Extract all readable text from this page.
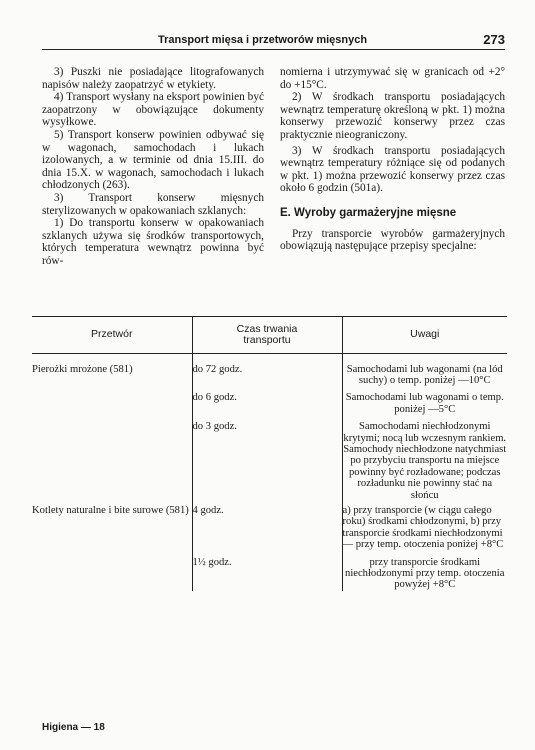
Transport mięsa i przetworów mięsnych	273

3) Puszki nie posiadające litografowanych napisów należy zaopatrzyć w etykiety.

4) Transport wysłany na eksport powinien być zaopatrzony w obowiązujące dokumenty wysyłkowe.

5) Transport konserw powinien odbywać się w wagonach, samochodach i lukach izolowanych, a w terminie od dnia 15.III. do dnia 15.X. w wagonach, samochodach i lukach chłodzonych (263).

3) Transport konserw mięsnych sterylizowanych w opakowaniach szklanych:

1) Do transportu konserw w opakowaniach szklanych używa się środków transportowych, których temperatura wewnątrz powinna być rów-

nomierna i utrzymywać się w granicach od +2° do +15°C.

2) W środkach transportu posiadających wewnątrz temperaturę określoną w pkt. 1) można konserwy przewozić konserwy przez czas praktycznie nieograniczony.

3) W środkach transportu posiadających wewnątrz temperatury różniące się od podanych w pkt. 1) można przewozić konserwy przez czas około 6 godzin (501a).

E. Wyroby garmażeryjne mięsne

Przy transporcie wyrobów garmażeryjnych obowiązują następujące przepisy specjalne:

Przetwór	Czas trwania transportu	Uwagi

Pierożki mrożone (581)	do 72 godz.	Samochodami lub wagonami (na lód suchy) o temp. poniżej —10°C
	do 6 godz.	Samochodami lub wagonami o temp. poniżej —5°C
	do 3 godz.	Samochodami niechłodzonymi krytymi; nocą lub wczesnym rankiem. Samochody niechłodzone natychmiast po przybyciu transportu na miejsce powinny być rozładowane; podczas rozładunku nie powinny stać na słońcu
Kotlety naturalne i bite surowe (581)	4 godz.	a) przy transporcie (w ciągu całego roku) środkami chłodzonymi, b) przy transporcie środkami niechłodzonymi — przy temp. otoczenia poniżej +8°C
	1½ godz.	przy transporcie środkami niechłodzonymi przy temp. otoczenia powyżej +8°C
Higiena — 18
